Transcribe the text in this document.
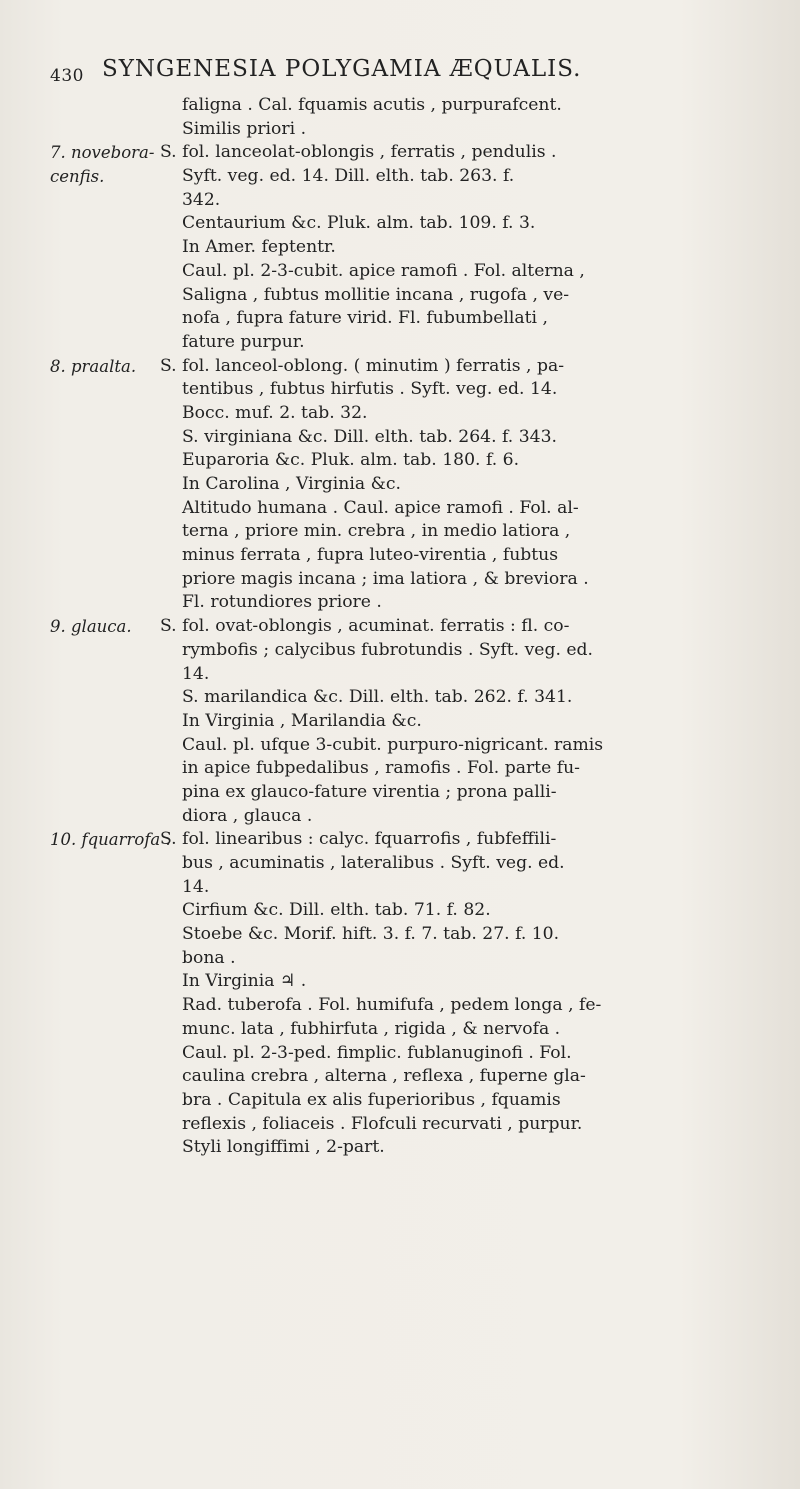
430 SYNGENESIA POLYGAMIA ÆQUALIS.
faligna . Cal. fquamis acutis , purpurafcent.
Similis priori .
7. novebora-
cenfis.
S. fol. lanceolat-oblongis , ferratis , pendulis .
Syft. veg. ed. 14. Dill. elth. tab. 263. f.
342.
Centaurium &c. Pluk. alm. tab. 109. f. 3.
In Amer. feptentr.
Caul. pl. 2-3-cubit. apice ramofi . Fol. alterna ,
Saligna , fubtus mollitie incana , rugofa , ve-
nofa , fupra fature virid. Fl. fubumbellati ,
fature purpur.
8. praalta.	S. fol. lanceol-oblong. ( minutim ) ferratis , pa-
tentibus , fubtus hirfutis . Syft. veg. ed. 14.
Bocc. muf. 2. tab. 32.
S. virginiana &c. Dill. elth. tab. 264. f. 343.
Euparoria &c. Pluk. alm. tab. 180. f. 6.
In Carolina , Virginia &c.
Altitudo humana . Caul. apice ramofi . Fol. al-
terna , priore min. crebra , in medio latiora ,
minus ferrata , fupra luteo-virentia , fubtus
priore magis incana ; ima latiora , & breviora .
Fl. rotundiores priore .
9. glauca.	S. fol. ovat-oblongis , acuminat. ferratis : fl. co-
rymbofis ; calycibus fubrotundis . Syft. veg. ed.
14.
S. marilandica &c. Dill. elth. tab. 262. f. 341.
In Virginia , Marilandia &c.
Caul. pl. ufque 3-cubit. purpuro-nigricant. ramis
in apice fubpedalibus , ramofis . Fol. parte fu-
pina ex glauco-fature virentia ; prona palli-
diora , glauca .
10. fquarrofa .
S. fol. linearibus : calyc. fquarrofis , fubfeffili-
bus , acuminatis , lateralibus . Syft. veg. ed.
14.
Cirfium &c. Dill. elth. tab. 71. f. 82.
Stoebe &c. Morif. hift. 3. f. 7. tab. 27. f. 10.
bona .
In Virginia ♃ .
Rad. tuberofa . Fol. humifufa , pedem longa , fe-
munc. lata , fubhirfuta , rigida , & nervofa .
Caul. pl. 2-3-ped. fimplic. fublanuginofi . Fol.
caulina crebra , alterna , reflexa , fuperne gla-
bra . Capitula ex alis fuperioribus , fquamis
reflexis , foliaceis . Flofculi recurvati , purpur.
Styli longiffimi , 2-part.
